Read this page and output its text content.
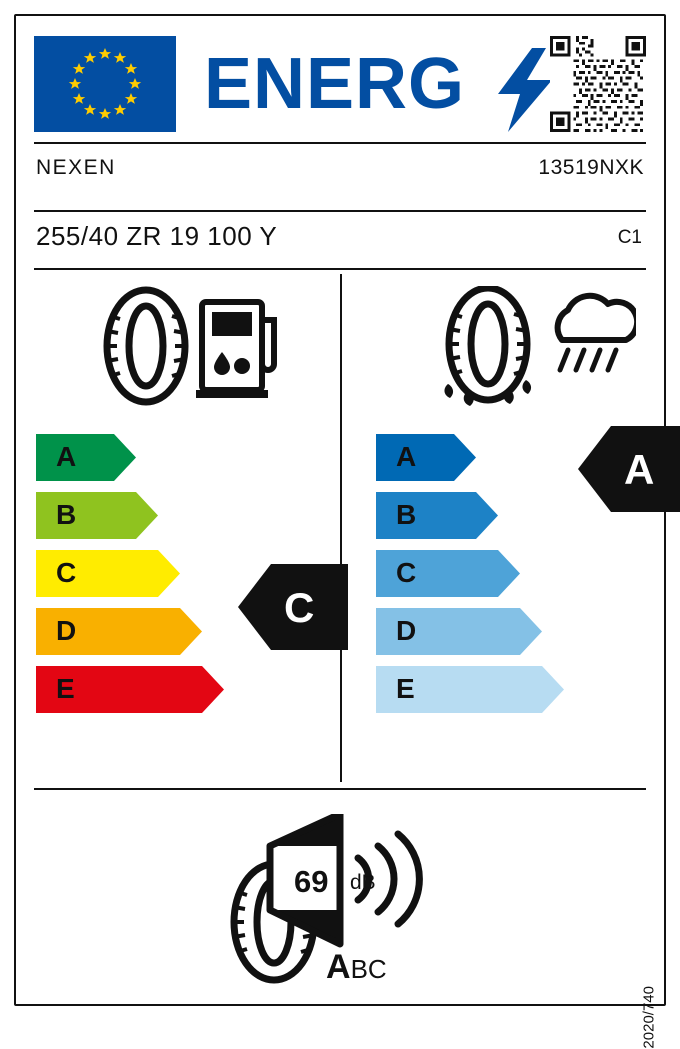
ENERG
NEXEN	13519NXK
255/40 ZR 19 100 Y	C1
A
B
C
D
E
A
B
C
D
E
C
A
69 dB
ABC
2020/740
